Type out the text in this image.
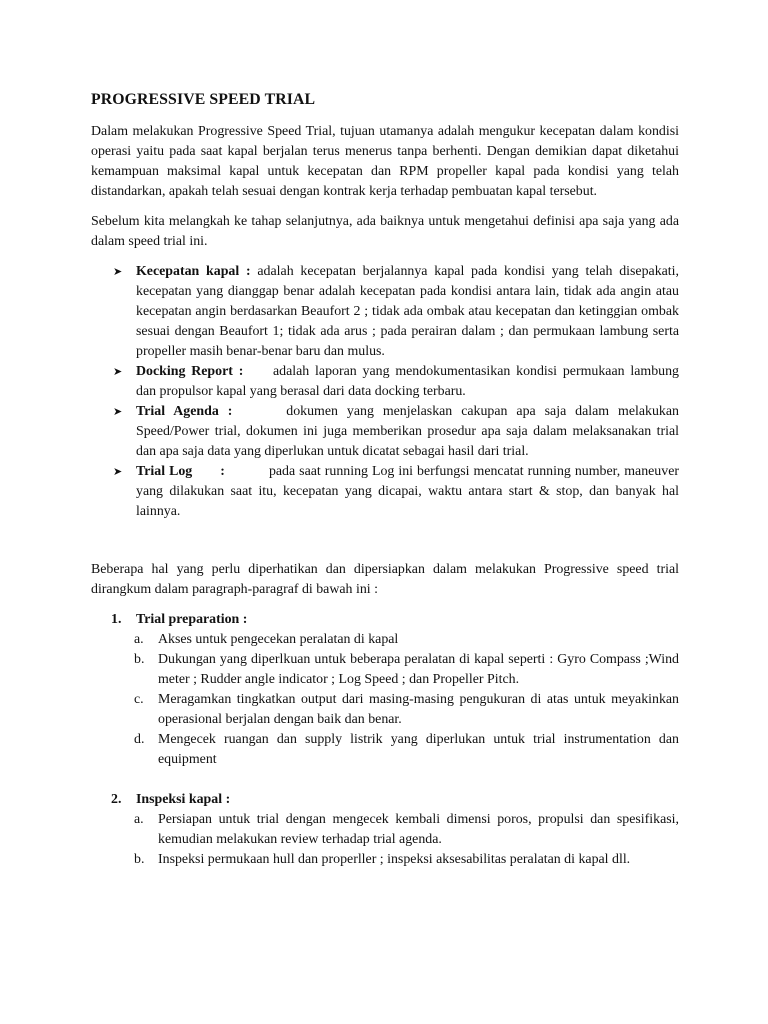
PROGRESSIVE SPEED TRIAL

Dalam melakukan Progressive Speed Trial, tujuan utamanya adalah mengukur kecepatan dalam kondisi operasi yaitu pada saat kapal berjalan terus menerus tanpa berhenti. Dengan demikian dapat diketahui kemampuan maksimal kapal untuk kecepatan dan RPM propeller kapal pada kondisi yang telah distandarkan, apakah telah sesuai dengan kontrak kerja terhadap pembuatan kapal tersebut.

Sebelum kita melangkah ke tahap selanjutnya, ada baiknya untuk mengetahui definisi apa saja yang ada dalam speed trial ini.

➤ Kecepatan kapal : adalah kecepatan berjalannya kapal pada kondisi yang telah disepakati, kecepatan yang dianggap benar adalah kecepatan pada kondisi antara lain, tidak ada angin atau kecepatan angin berdasarkan Beaufort 2 ; tidak ada ombak atau kecepatan dan ketinggian ombak sesuai dengan Beaufort 1; tidak ada arus ; pada perairan dalam ; dan permukaan lambung serta propeller masih benar-benar baru dan mulus.
➤ Docking Report : adalah laporan yang mendokumentasikan kondisi permukaan lambung dan propulsor kapal yang berasal dari data docking terbaru.
➤ Trial Agenda :	dokumen yang menjelaskan cakupan apa saja dalam melakukan Speed/Power trial, dokumen ini juga memberikan prosedur apa saja dalam melaksanakan trial dan apa saja data yang diperlukan untuk dicatat sebagai hasil dari trial.
➤ Trial Log       :	pada saat running Log ini berfungsi mencatat running number, maneuver yang dilakukan saat itu, kecepatan yang dicapai, waktu antara start & stop, dan banyak hal lainnya.

Beberapa hal yang perlu diperhatikan dan dipersiapkan dalam melakukan Progressive speed trial dirangkum dalam paragraph-paragraf di bawah ini :

1. Trial preparation :
a. Akses untuk pengecekan peralatan di kapal
b. Dukungan yang diperlkuan untuk beberapa peralatan di kapal seperti : Gyro Compass ;Wind meter ; Rudder angle indicator ; Log Speed ; dan Propeller Pitch.
c. Meragamkan tingkatkan output dari masing-masing pengukuran di atas untuk meyakinkan operasional berjalan dengan baik dan benar.
d. Mengecek ruangan dan supply listrik yang diperlukan untuk trial instrumentation dan equipment
2. Inspeksi kapal :
a. Persiapan untuk trial dengan mengecek kembali dimensi poros, propulsi dan spesifikasi, kemudian melakukan review terhadap trial agenda.
b. Inspeksi permukaan hull dan properller ; inspeksi aksesabilitas peralatan di kapal dll.
